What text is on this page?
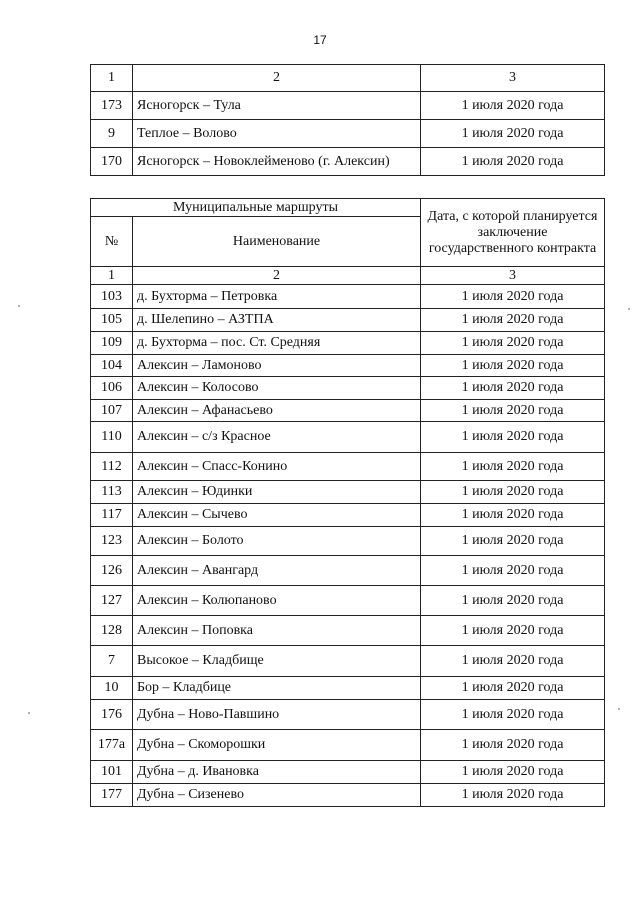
17
1	2	3
173	Ясногорск – Тула	1 июля 2020 года
9	Теплое – Волово	1 июля 2020 года
170	Ясногорск – Новоклейменово (г. Алексин)	1 июля 2020 года
Муниципальные маршруты		Дата, с которой планируется заключение государственного контракта
№	Наименование	
1	2	3
103	д. Бухторма – Петровка	1 июля 2020 года
105	д. Шелепино – АЗТПА	1 июля 2020 года
109	д. Бухторма – пос. Ст. Средняя	1 июля 2020 года
104	Алексин – Ламоново	1 июля 2020 года
106	Алексин – Колосово	1 июля 2020 года
107	Алексин – Афанасьево	1 июля 2020 года
110	Алексин – с/з Красное	1 июля 2020 года
112	Алексин – Спасс-Конино	1 июля 2020 года
113	Алексин – Юдинки	1 июля 2020 года
117	Алексин – Сычево	1 июля 2020 года
123	Алексин – Болото	1 июля 2020 года
126	Алексин – Авангард	1 июля 2020 года
127	Алексин – Колюпаново	1 июля 2020 года
128	Алексин – Поповка	1 июля 2020 года
7	Высокое – Кладбище	1 июля 2020 года
10	Бор – Кладбице	1 июля 2020 года
176	Дубна – Ново-Павшино	1 июля 2020 года
177а	Дубна – Скоморошки	1 июля 2020 года
101	Дубна – д. Ивановка	1 июля 2020 года
177	Дубна – Сизенево	1 июля 2020 года
